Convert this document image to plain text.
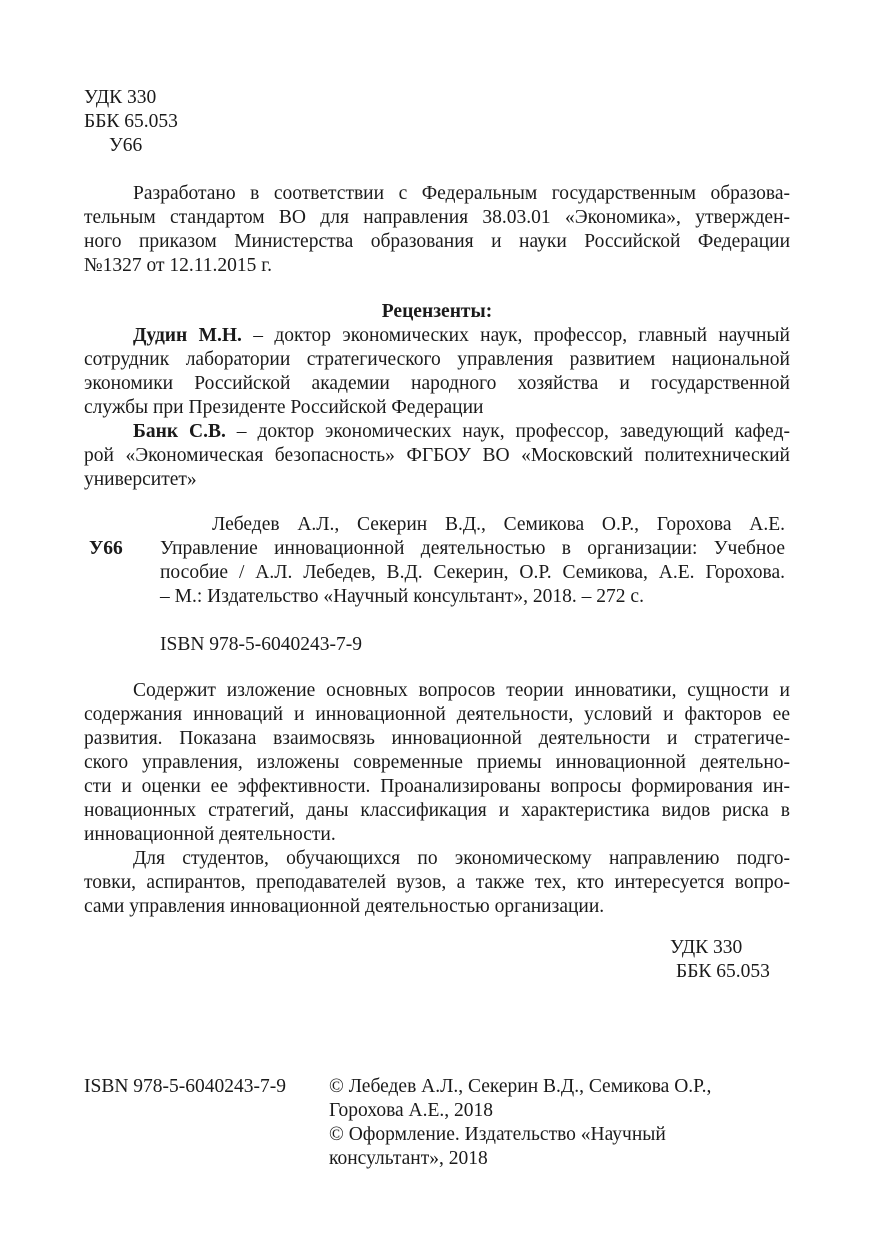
УДК 330
ББК 65.053
У66
Разработано в соответствии с Федеральным государственным образова-
тельным стандартом ВО для направления 38.03.01 «Экономика», утвержден-
ного приказом Министерства образования и науки Российской Федерации
№1327 от 12.11.2015 г.
Рецензенты:
Дудин М.Н. – доктор экономических наук, профессор, главный научный
сотрудник лаборатории стратегического управления развитием национальной
экономики Российской академии народного хозяйства и государственной
службы при Президенте Российской Федерации
Банк С.В. – доктор экономических наук, профессор, заведующий кафед-
рой «Экономическая безопасность» ФГБОУ ВО «Московский политехнический
университет»
У66
Лебедев А.Л., Секерин В.Д., Семикова О.Р., Горохова А.Е.
Управление инновационной деятельностью в организации: Учебное
пособие / А.Л. Лебедев, В.Д. Секерин, О.Р. Семикова, А.Е. Горохова.
– М.: Издательство «Научный консультант», 2018. – 272 с.
ISBN 978-5-6040243-7-9
Содержит изложение основных вопросов теории инноватики, сущности и
содержания инноваций и инновационной деятельности, условий и факторов ее
развития. Показана взаимосвязь инновационной деятельности и стратегиче-
ского управления, изложены современные приемы инновационной деятельно-
сти и оценки ее эффективности. Проанализированы вопросы формирования ин-
новационных стратегий, даны классификация и характеристика видов риска в
инновационной деятельности.
Для студентов, обучающихся по экономическому направлению подго-
товки, аспирантов, преподавателей вузов, а также тех, кто интересуется вопро-
сами управления инновационной деятельностью организации.
УДК 330
ББК 65.053
ISBN 978-5-6040243-7-9 © Лебедев А.Л., Секерин В.Д., Семикова О.Р.,
Горохова А.Е., 2018
© Оформление. Издательство «Научный
консультант», 2018
